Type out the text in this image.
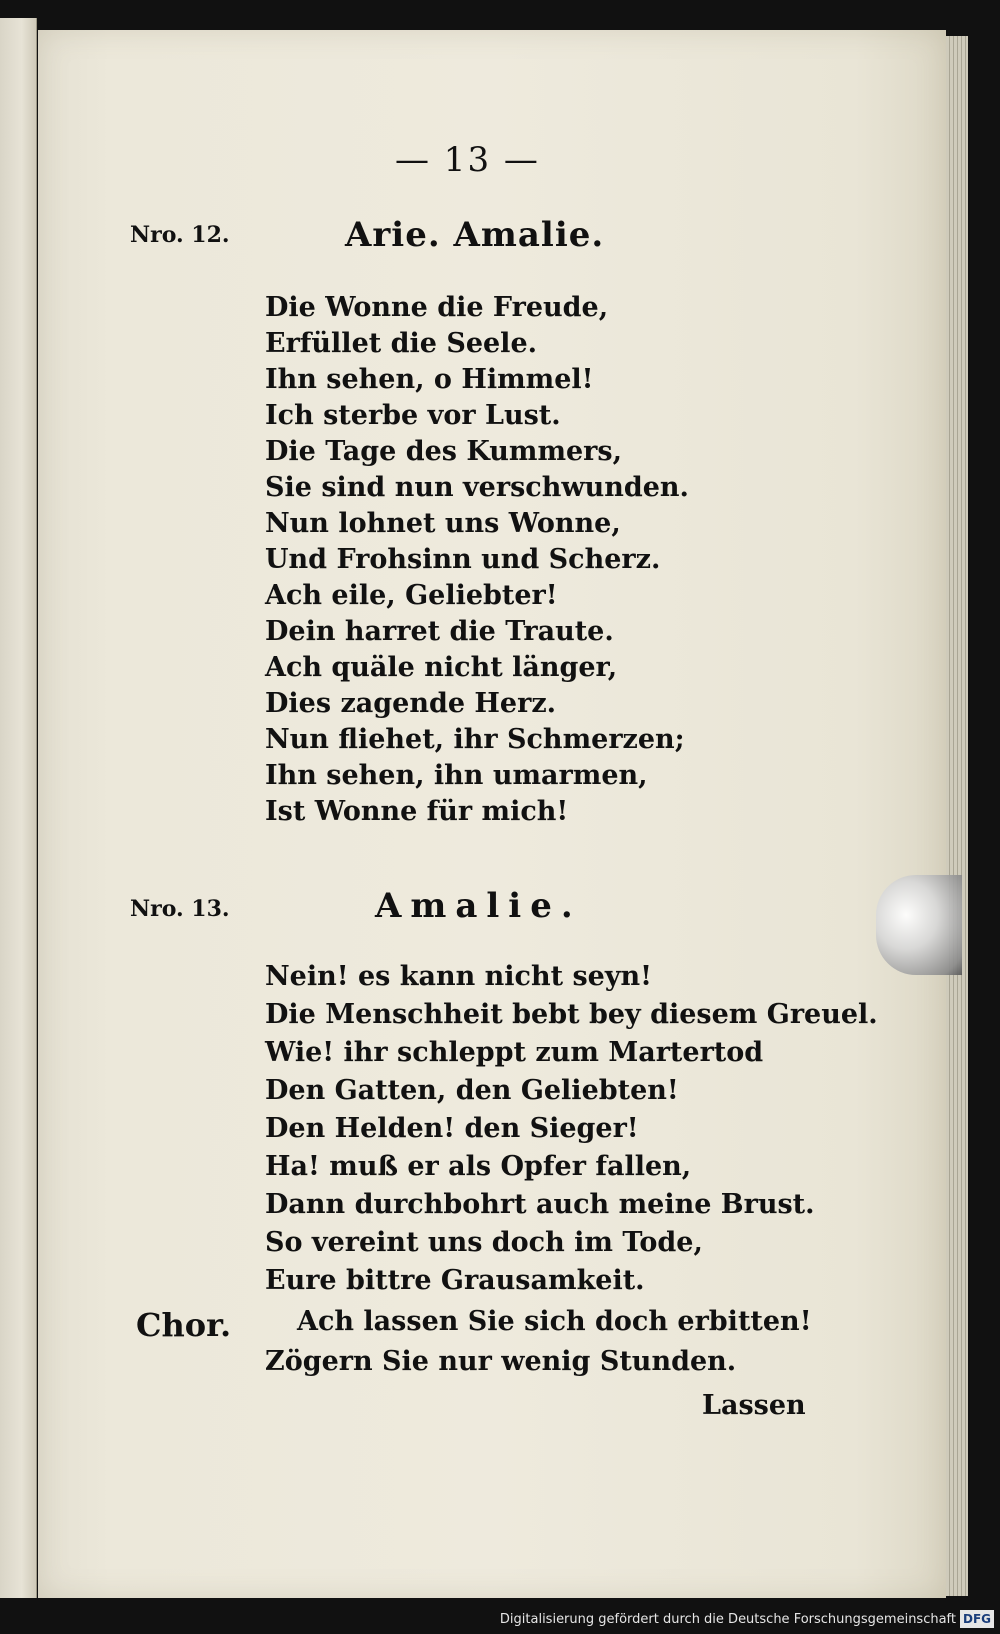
— 13 —
Nro. 12.	Arie. Amalie.
Die Wonne die Freude,
Erfüllet die Seele.
Ihn sehen, o Himmel!
Ich sterbe vor Lust.
Die Tage des Kummers,
Sie sind nun verschwunden.
Nun lohnet uns Wonne,
Und Frohsinn und Scherz.
Ach eile, Geliebter!
Dein harret die Traute.
Ach quäle nicht länger,
Dies zagende Herz.
Nun fliehet, ihr Schmerzen;
Ihn sehen, ihn umarmen,
Ist Wonne für mich!
Nro. 13.	Amalie.
Nein! es kann nicht seyn!
Die Menschheit bebt bey diesem Greuel.
Wie! ihr schleppt zum Martertod
Den Gatten, den Geliebten!
Den Helden! den Sieger!
Ha! muß er als Opfer fallen,
Dann durchbohrt auch meine Brust.
So vereint uns doch im Tode,
Eure bittre Grausamkeit.
Chor.	Ach lassen Sie sich doch erbitten!
Zögern Sie nur wenig Stunden.
Lassen
Digitalisierung gefördert durch die Deutsche Forschungsgemeinschaft DFG
